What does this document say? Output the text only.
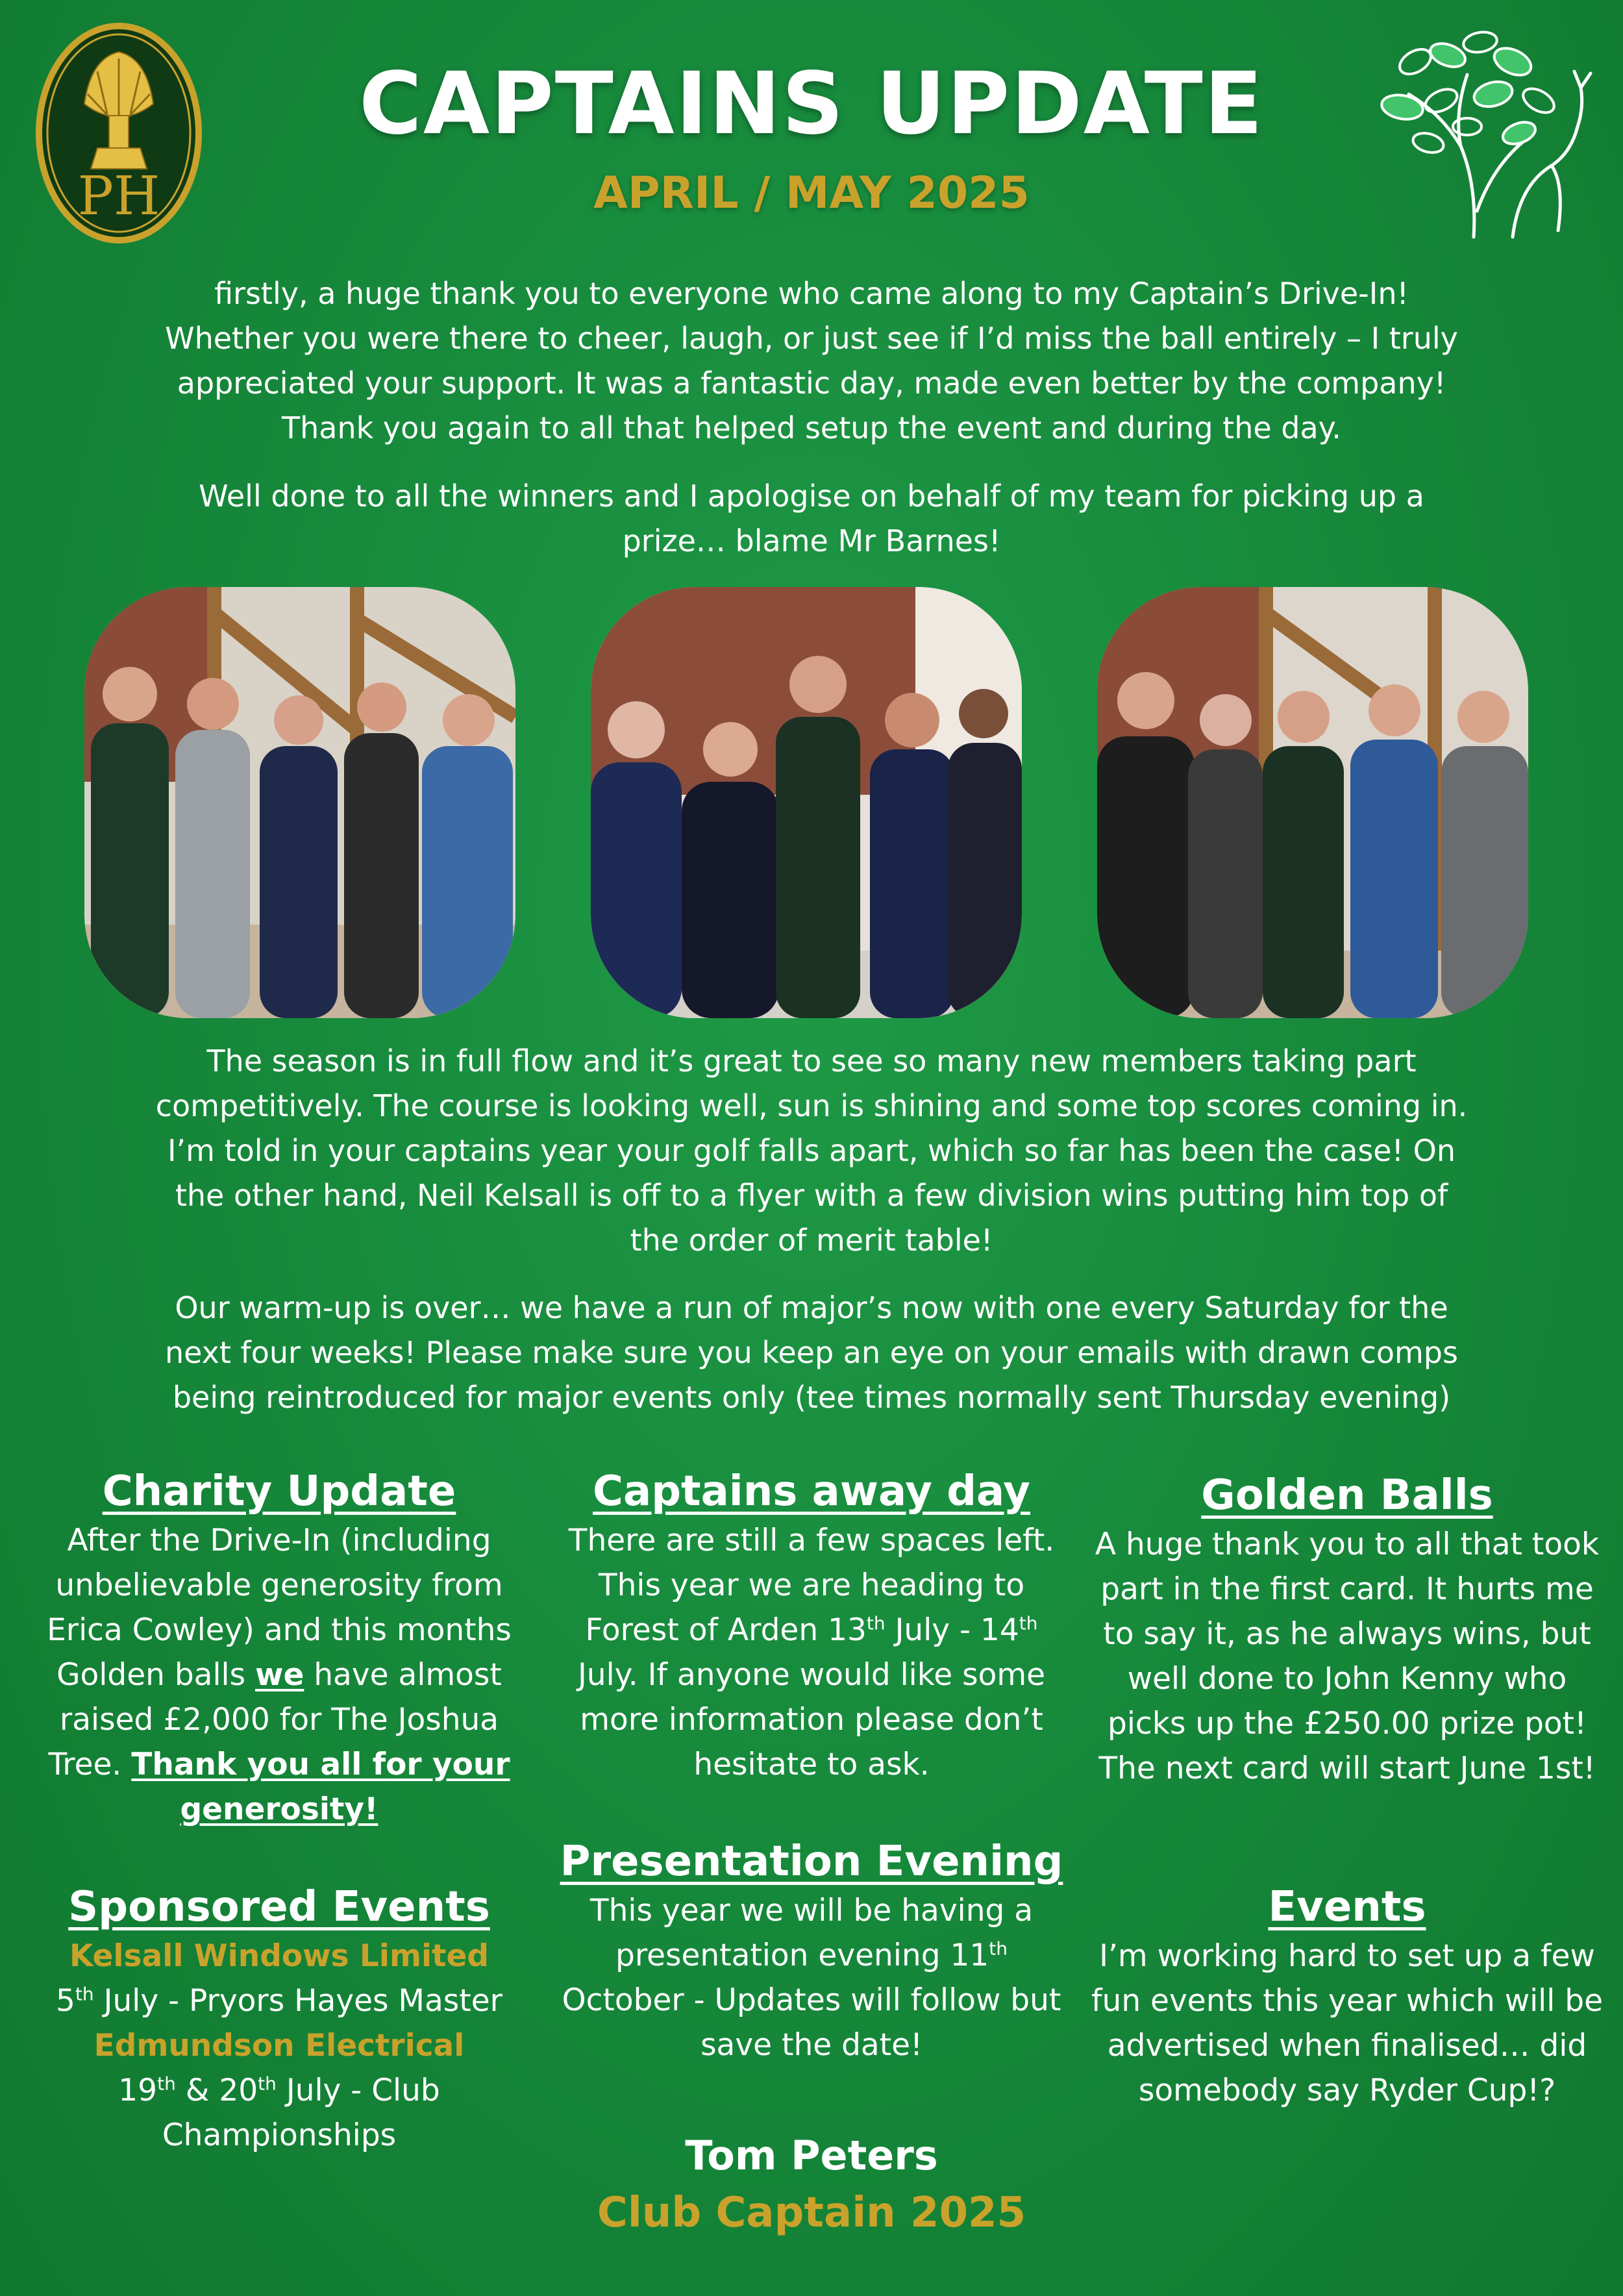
PH
CAPTAINS UPDATE
APRIL / MAY 2025

firstly, a huge thank you to everyone who came along to my Captain’s Drive-In!

Whether you were there to cheer, laugh, or just see if I’d miss the ball entirely – I truly

appreciated your support. It was a fantastic day, made even better by the company!

Thank you again to all that helped setup the event and during the day.

Well done to all the winners and I apologise on behalf of my team for picking up a

prize… blame Mr Barnes!

The season is in full flow and it’s great to see so many new members taking part

competitively. The course is looking well, sun is shining and some top scores coming in.

I’m told in your captains year your golf falls apart, which so far has been the case! On

the other hand, Neil Kelsall is off to a flyer with a few division wins putting him top of

the order of merit table!

Our warm-up is over… we have a run of major’s now with one every Saturday for the

next four weeks! Please make sure you keep an eye on your emails with drawn comps

being reintroduced for major events only (tee times normally sent Thursday evening)

Charity Update

After the Drive-In (including unbelievable generosity from Erica Cowley) and this months Golden balls we have almost raised £2,000 for The Joshua Tree. Thank you all for your generosity!

Sponsored Events

Kelsall Windows Limited
5th July - Pryors Hayes Master
Edmundson Electrical
19th & 20th July - Club Championships

Captains away day

There are still a few spaces left. This year we are heading to Forest of Arden 13th July - 14th July. If anyone would like some more information please don’t hesitate to ask.

Presentation Evening

This year we will be having a presentation evening 11th October - Updates will follow but save the date!

Tom Peters
Club Captain 2025
Golden Balls

A huge thank you to all that took part in the first card. It hurts me to say it, as he always wins, but well done to John Kenny who picks up the £250.00 prize pot! The next card will start June 1st!

Events

I’m working hard to set up a few fun events this year which will be advertised when finalised… did somebody say Ryder Cup!?
